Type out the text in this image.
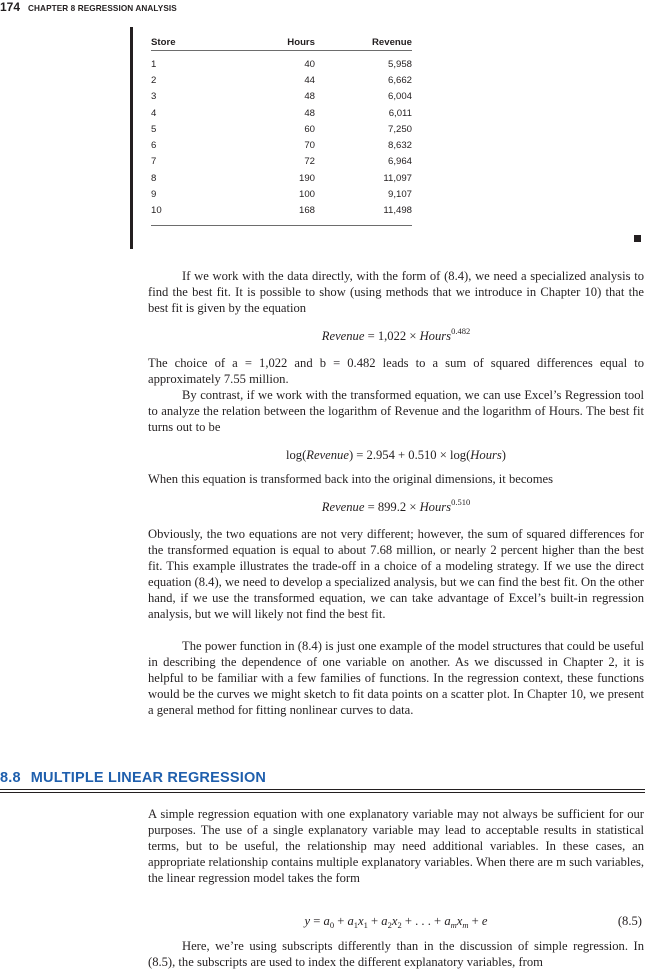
174 CHAPTER 8 REGRESSION ANALYSIS
Store	Hours	Revenue
1	40	5,958
2	44	6,662
3	48	6,004
4	48	6,011
5	60	7,250
6	70	8,632
7	72	6,964
8	190	11,097
9	100	9,107
10	168	11,498

If we work with the data directly, with the form of (8.4), we need a specialized analysis to find the best fit. It is possible to show (using methods that we introduce in Chapter 10) that the best fit is given by the equation

Revenue = 1,022 × Hours$^{0.482}$

The choice of a = 1,022 and b = 0.482 leads to a sum of squared differences equal to approximately 7.55 million.

By contrast, if we work with the transformed equation, we can use Excel’s Regression tool to analyze the relation between the logarithm of Revenue and the logarithm of Hours. The best fit turns out to be

log(Revenue) = 2.954 + 0.510 × log(Hours)

When this equation is transformed back into the original dimensions, it becomes

Revenue = 899.2 × Hours$^{0.510}$

Obviously, the two equations are not very different; however, the sum of squared differences for the transformed equation is equal to about 7.68 million, or nearly 2 percent higher than the best fit. This example illustrates the trade-off in a choice of a modeling strategy. If we use the direct equation (8.4), we need to develop a specialized analysis, but we can find the best fit. On the other hand, if we use the transformed equation, we can take advantage of Excel’s built-in regression analysis, but we will likely not find the best fit.

The power function in (8.4) is just one example of the model structures that could be useful in describing the dependence of one variable on another. As we discussed in Chapter 2, it is helpful to be familiar with a few families of functions. In the regression context, these functions would be the curves we might sketch to fit data points on a scatter plot. In Chapter 10, we present a general method for fitting nonlinear curves to data.

8.8 MULTIPLE LINEAR REGRESSION

A simple regression equation with one explanatory variable may not always be sufficient for our purposes. The use of a single explanatory variable may lead to acceptable results in statistical terms, but to be useful, the relationship may need additional variables. In these cases, an appropriate relationship contains multiple explanatory variables. When there are m such variables, the linear regression model takes the form

$y = a_0 + a_1x_1 + a_2x_2$ + . . . + $a_mx_m + e$	(8.5)

Here, we’re using subscripts differently than in the discussion of simple regression. In (8.5), the subscripts are used to index the different explanatory variables, from
